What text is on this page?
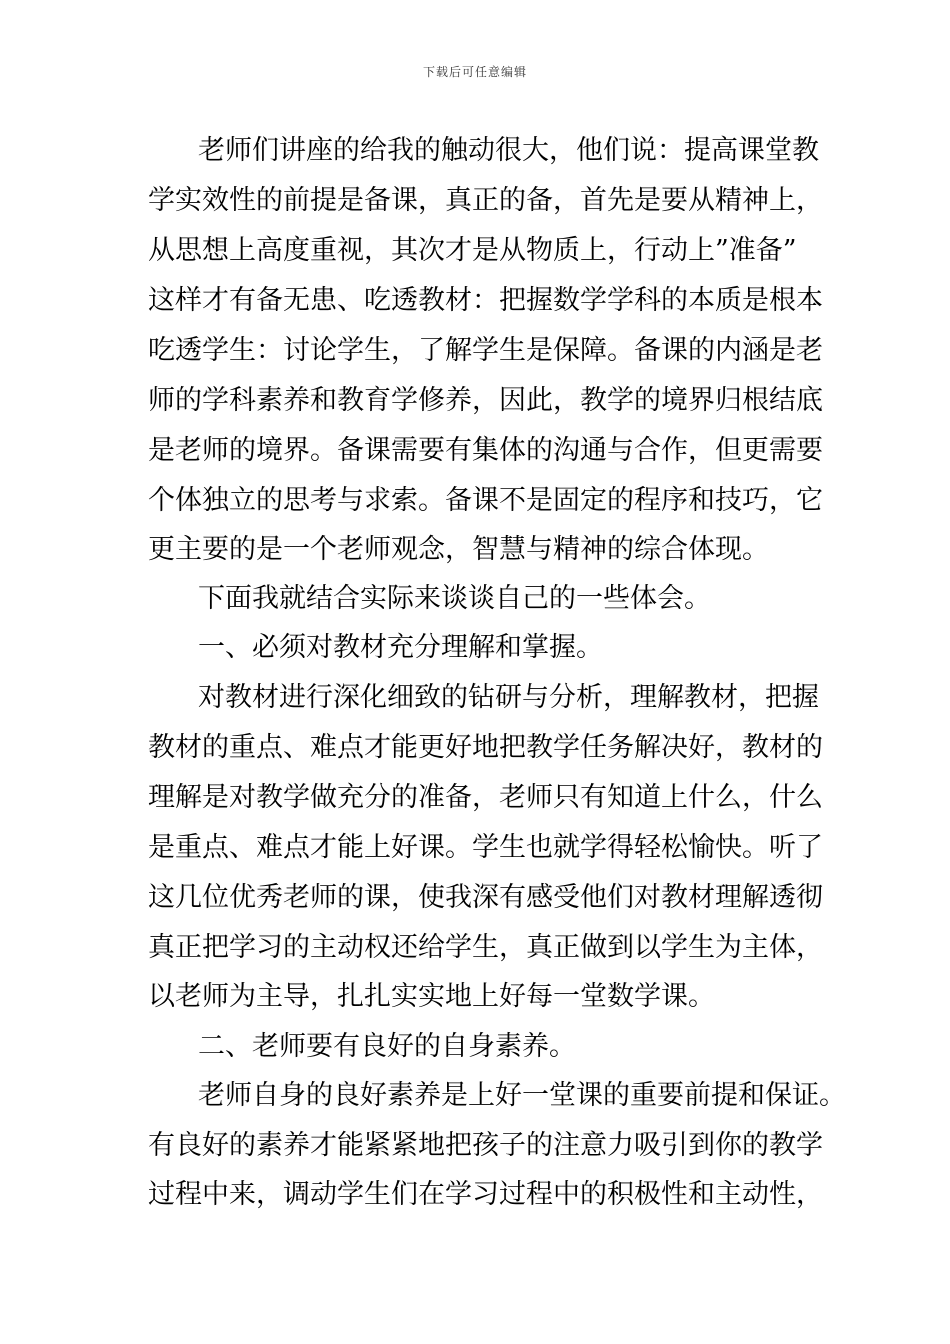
下载后可任意编辑
老师们讲座的给我的触动很大，他们说：提高课堂教
学实效性的前提是备课，真正的备，首先是要从精神上，
从思想上高度重视，其次才是从物质上，行动上”准备”
这样才有备无患、吃透教材：把握数学学科的本质是根本
吃透学生：讨论学生，了解学生是保障。备课的内涵是老
师的学科素养和教育学修养，因此，教学的境界归根结底
是老师的境界。备课需要有集体的沟通与合作，但更需要
个体独立的思考与求索。备课不是固定的程序和技巧，它
更主要的是一个老师观念，智慧与精神的综合体现。
下面我就结合实际来谈谈自己的一些体会。
一、必须对教材充分理解和掌握。
对教材进行深化细致的钻研与分析，理解教材，把握
教材的重点、难点才能更好地把教学任务解决好，教材的
理解是对教学做充分的准备，老师只有知道上什么，什么
是重点、难点才能上好课。学生也就学得轻松愉快。听了
这几位优秀老师的课，使我深有感受他们对教材理解透彻
真正把学习的主动权还给学生，真正做到以学生为主体，
以老师为主导，扎扎实实地上好每一堂数学课。
二、老师要有良好的自身素养。
老师自身的良好素养是上好一堂课的重要前提和保证。
有良好的素养才能紧紧地把孩子的注意力吸引到你的教学
过程中来，调动学生们在学习过程中的积极性和主动性，
